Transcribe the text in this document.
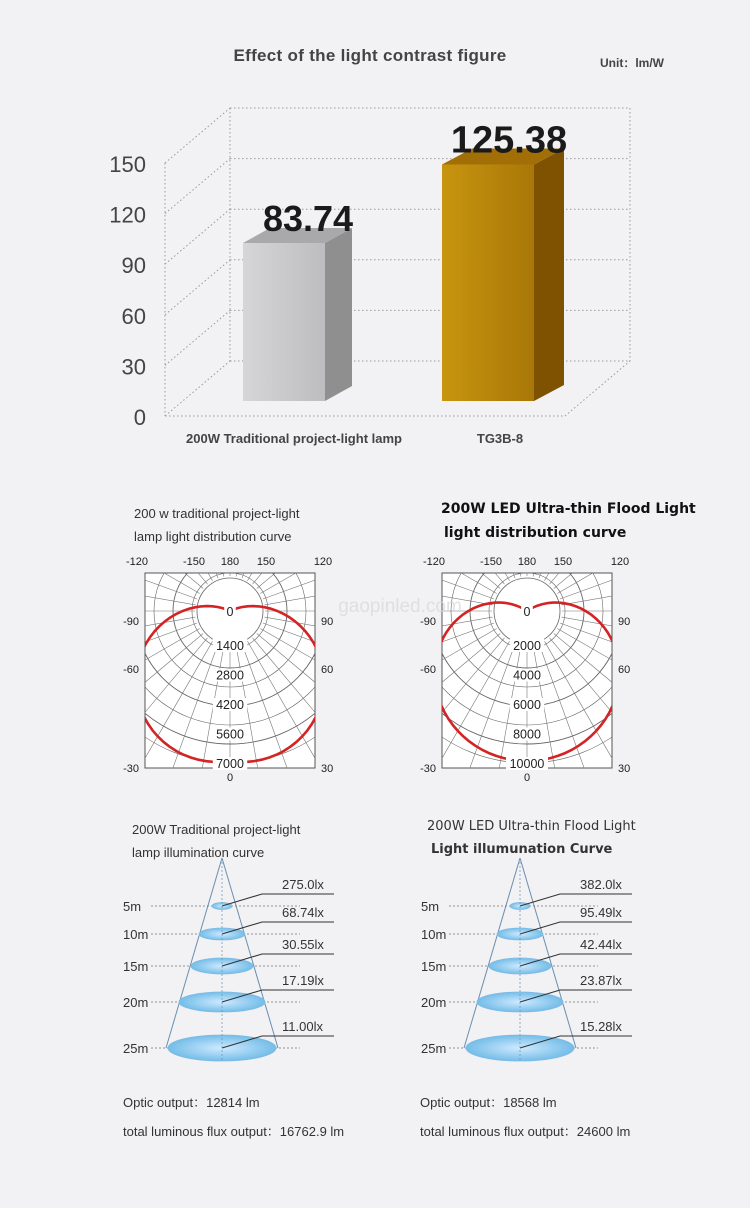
Effect of the light contrast figure	Unit：lm/W
0
30
60
90
120
150
83.74
125.38
200W Traditional project-light lamp	TG3B-8
200 w traditional project-light
lamp light distribution curve
200W LED Ultra-thin Flood Light
light distribution curve
0
1400
2800
4200
5600
7000
-120	-150 180 150	120
-90
-60
-30
90
60
30
0
0
2000
4000
6000
8000
10000
-120	-150 180 150	120
-90
-60
-30
90
60
30
0
gaopinled.com
200W Traditional project-light
lamp illumination curve
200W LED Ultra-thin Flood Light
Light illumunation Curve
5m
275.0lx
10m
68.74lx
15m
30.55lx
20m
17.19lx
25m
11.00lx
5m
382.0lx
10m
95.49lx
15m
42.44lx
20m
23.87lx
25m
15.28lx
Optic output：12814 lm
total luminous flux output：16762.9 lm
Optic output：18568 lm
total luminous flux output：24600 lm
